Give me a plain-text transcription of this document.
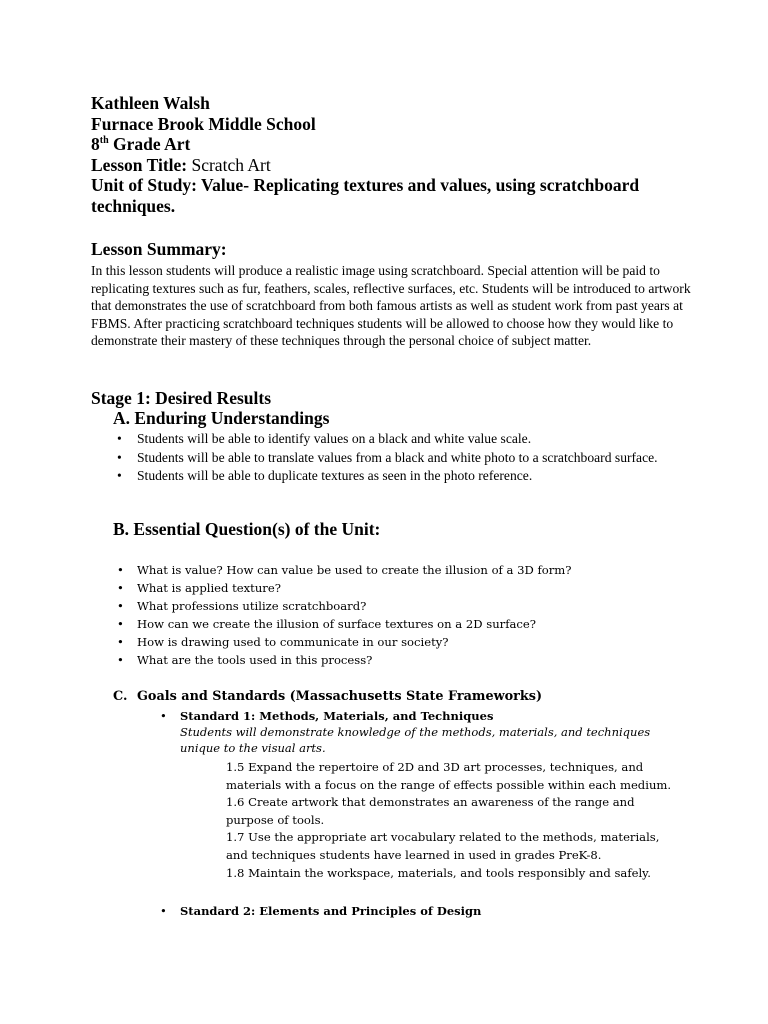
Kathleen Walsh

Furnace Brook Middle School

8th Grade Art

Lesson Title: Scratch Art

Unit of Study: Value- Replicating textures and values, using scratchboard techniques.

Lesson Summary:

In this lesson students will produce a realistic image using scratchboard. Special attention will be paid to replicating textures such as fur, feathers, scales, reflective surfaces, etc. Students will be introduced to artwork that demonstrates the use of scratchboard from both famous artists as well as student work from past years at FBMS. After practicing scratchboard techniques students will be allowed to choose how they would like to demonstrate their mastery of these techniques through the personal choice of subject matter.

Stage 1: Desired Results

A. Enduring Understandings

• Students will be able to identify values on a black and white value scale.
• Students will be able to translate values from a black and white photo to a scratchboard surface.
• Students will be able to duplicate textures as seen in the photo reference.

B. Essential Question(s) of the Unit:

• What is value? How can value be used to create the illusion of a 3D form?
• What is applied texture?
• What professions utilize scratchboard?
• How can we create the illusion of surface textures on a 2D surface?
• How is drawing used to communicate in our society?
• What are the tools used in this process?

C. Goals and Standards (Massachusetts State Frameworks)

• Standard 1: Methods, Materials, and Techniques
Students will demonstrate knowledge of the methods, materials, and techniques unique to the visual arts.

1.5 Expand the repertoire of 2D and 3D art processes, techniques, and materials with a focus on the range of effects possible within each medium.

1.6 Create artwork that demonstrates an awareness of the range and purpose of tools.

1.7 Use the appropriate art vocabulary related to the methods, materials, and techniques students have learned in used in grades PreK-8.

1.8 Maintain the workspace, materials, and tools responsibly and safely.

• Standard 2: Elements and Principles of Design
